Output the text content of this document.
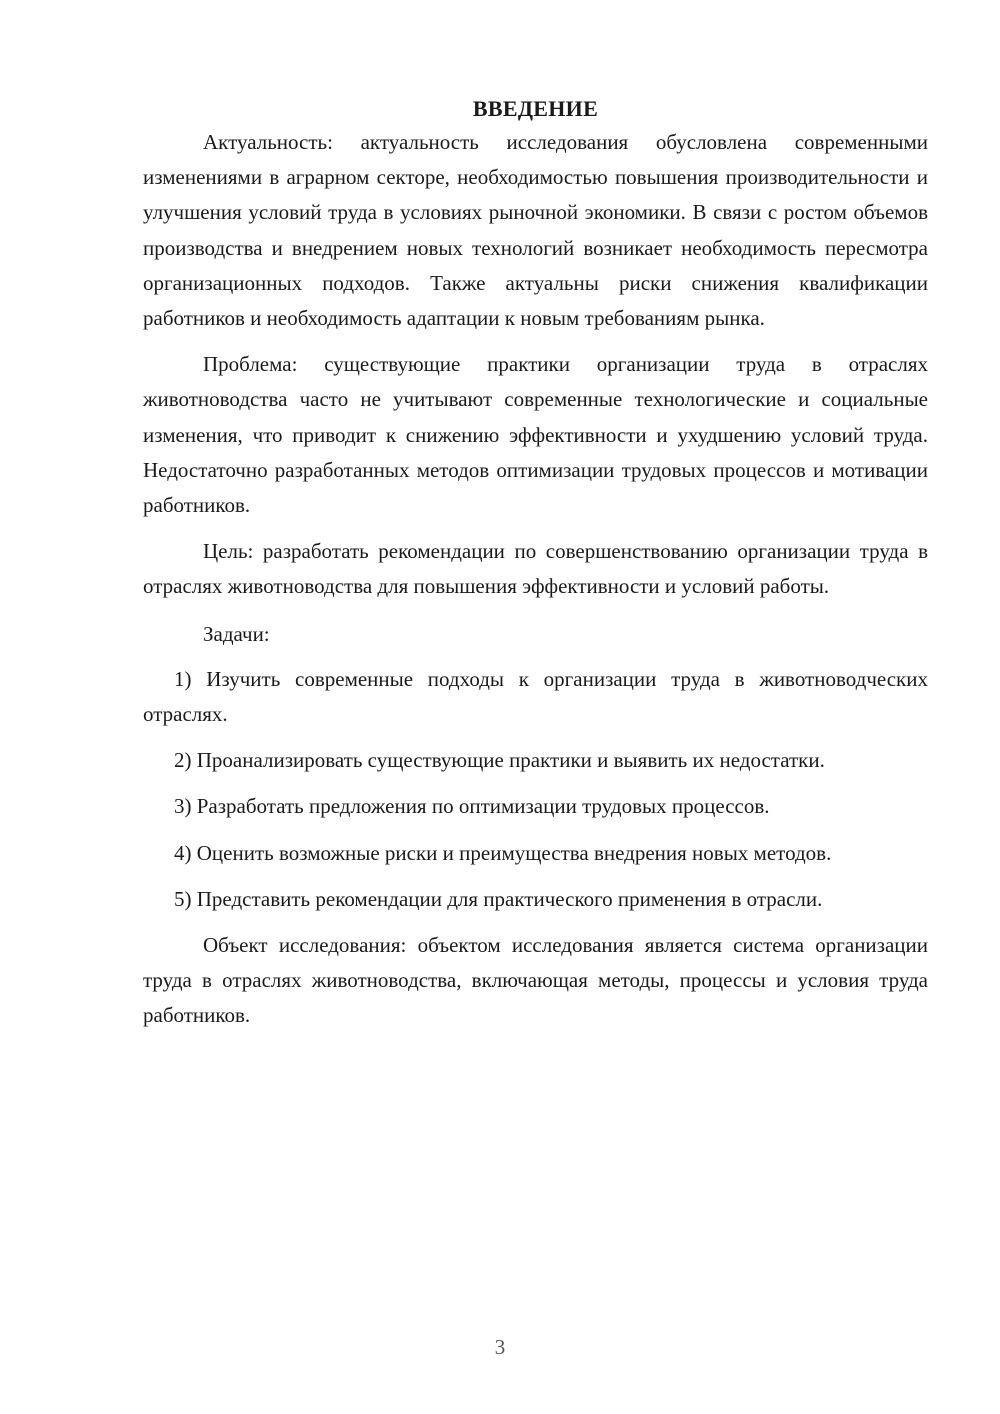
ВВЕДЕНИЕ

Актуальность: актуальность исследования обусловлена современными изменениями в аграрном секторе, необходимостью повышения производительности и улучшения условий труда в условиях рыночной экономики. В связи с ростом объемов производства и внедрением новых технологий возникает необходимость пересмотра организационных подходов. Также актуальны риски снижения квалификации работников и необходимость адаптации к новым требованиям рынка.

Проблема: существующие практики организации труда в отраслях животноводства часто не учитывают современные технологические и социальные изменения, что приводит к снижению эффективности и ухудшению условий труда. Недостаточно разработанных методов оптимизации трудовых процессов и мотивации работников.

Цель: разработать рекомендации по совершенствованию организации труда в отраслях животноводства для повышения эффективности и условий работы.

Задачи:

1) Изучить современные подходы к организации труда в животноводческих отраслях.

2) Проанализировать существующие практики и выявить их недостатки.

3) Разработать предложения по оптимизации трудовых процессов.

4) Оценить возможные риски и преимущества внедрения новых методов.

5) Представить рекомендации для практического применения в отрасли.

Объект исследования: объектом исследования является система организации труда в отраслях животноводства, включающая методы, процессы и условия труда работников.

3
